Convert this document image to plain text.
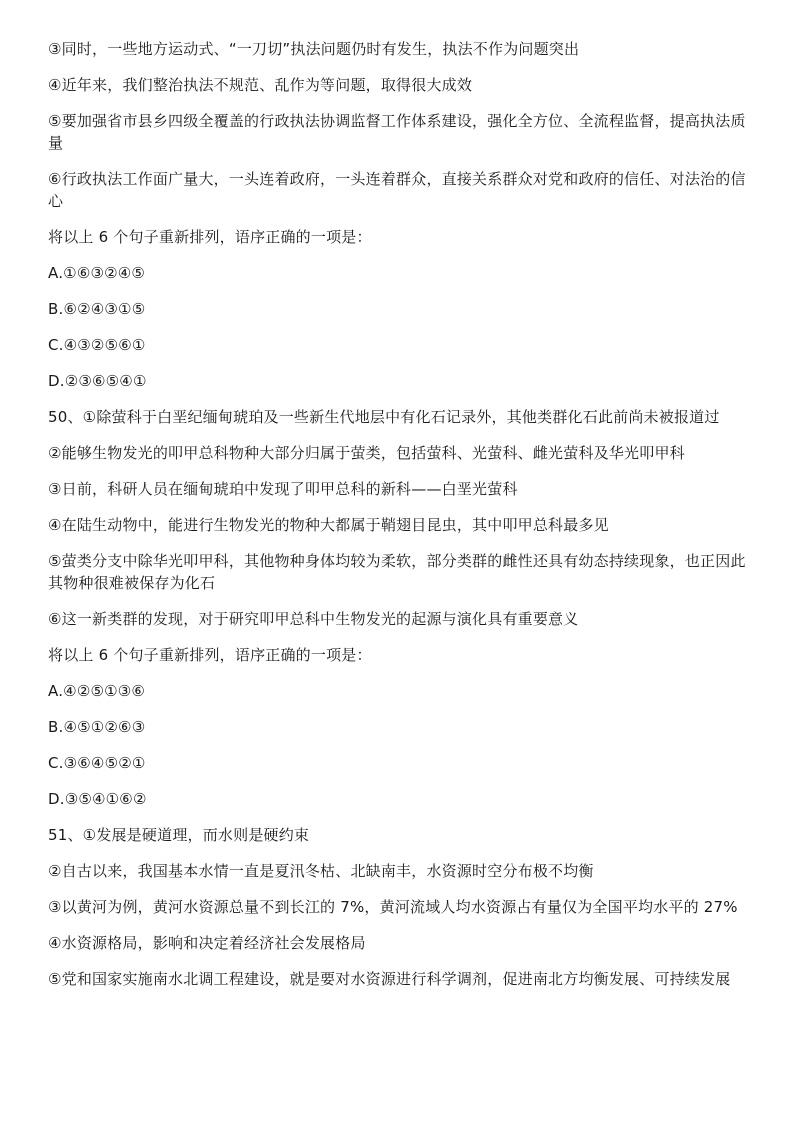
③同时，一些地方运动式、“一刀切”执法问题仍时有发生，执法不作为问题突出

④近年来，我们整治执法不规范、乱作为等问题，取得很大成效

⑤要加强省市县乡四级全覆盖的行政执法协调监督工作体系建设，强化全方位、全流程监督，提高执法质量

⑥行政执法工作面广量大，一头连着政府，一头连着群众，直接关系群众对党和政府的信任、对法治的信心

将以上 6 个句子重新排列，语序正确的一项是：

A.①⑥③②④⑤

B.⑥②④③①⑤

C.④③②⑤⑥①

D.②③⑥⑤④①

50、①除萤科于白垩纪缅甸琥珀及一些新生代地层中有化石记录外，其他类群化石此前尚未被报道过

②能够生物发光的叩甲总科物种大部分归属于萤类，包括萤科、光萤科、雌光萤科及华光叩甲科

③日前，科研人员在缅甸琥珀中发现了叩甲总科的新科——白垩光萤科

④在陆生动物中，能进行生物发光的物种大都属于鞘翅目昆虫，其中叩甲总科最多见

⑤萤类分支中除华光叩甲科，其他物种身体均较为柔软，部分类群的雌性还具有幼态持续现象，也正因此其物种很难被保存为化石

⑥这一新类群的发现，对于研究叩甲总科中生物发光的起源与演化具有重要意义

将以上 6 个句子重新排列，语序正确的一项是：

A.④②⑤①③⑥

B.④⑤①②⑥③

C.③⑥④⑤②①

D.③⑤④①⑥②

51、①发展是硬道理，而水则是硬约束

②自古以来，我国基本水情一直是夏汛冬枯、北缺南丰，水资源时空分布极不均衡

③以黄河为例，黄河水资源总量不到长江的 7%，黄河流域人均水资源占有量仅为全国平均水平的 27%

④水资源格局，影响和决定着经济社会发展格局

⑤党和国家实施南水北调工程建设，就是要对水资源进行科学调剂，促进南北方均衡发展、可持续发展
